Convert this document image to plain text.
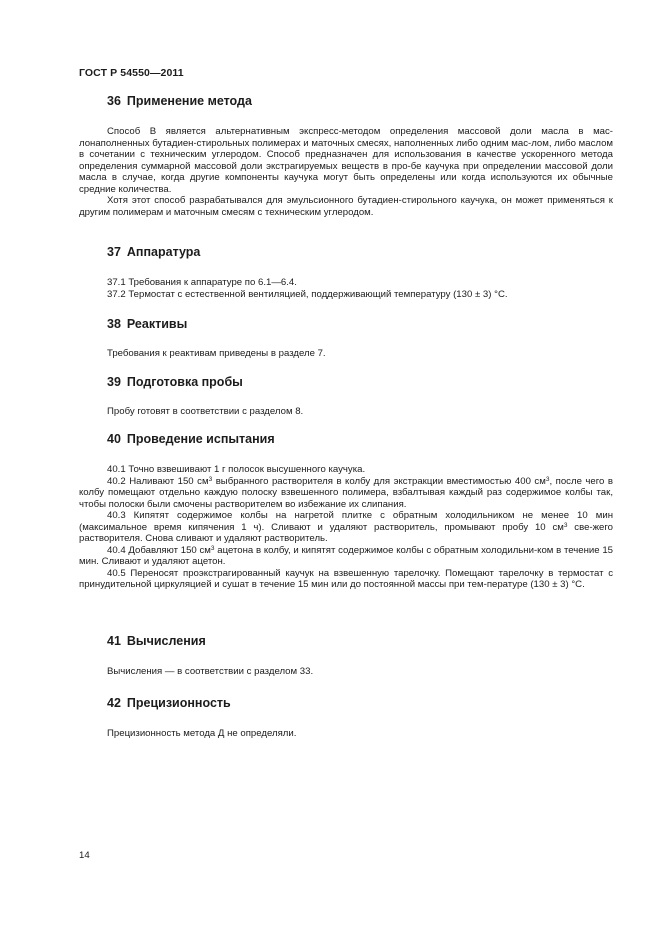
ГОСТ Р 54550—2011
36 Применение метода

Способ B является альтернативным экспресс-методом определения массовой доли масла в мас-лонаполненных бутадиен-стирольных полимерах и маточных смесях, наполненных либо одним мас-лом, либо маслом в сочетании с техническим углеродом. Способ предназначен для использования в качестве ускоренного метода определения суммарной массовой доли экстрагируемых веществ в про-бе каучука при определении массовой доли масла в случае, когда другие компоненты каучука могут быть определены или когда используются их обычные средние количества.

Хотя этот способ разрабатывался для эмульсионного бутадиен-стирольного каучука, он может применяться к другим полимерам и маточным смесям с техническим углеродом.

37 Аппаратура

37.1 Требования к аппаратуре по 6.1—6.4.

37.2 Термостат с естественной вентиляцией, поддерживающий температуру (130 ± 3) °С.

38 Реактивы

Требования к реактивам приведены в разделе 7.

39 Подготовка пробы

Пробу готовят в соответствии с разделом 8.

40 Проведение испытания

40.1 Точно взвешивают 1 г полосок высушенного каучука.

40.2 Наливают 150 $см^3$ выбранного растворителя в колбу для экстракции вместимостью 400 $см^3$, после чего в колбу помещают отдельно каждую полоску взвешенного полимера, взбалтывая каждый раз содержимое колбы так, чтобы полоски были смочены растворителем во избежание их слипания.

40.3 Кипятят содержимое колбы на нагретой плитке с обратным холодильником не менее 10 мин (максимальное время кипячения 1 ч). Сливают и удаляют растворитель, промывают пробу 10 $см^3$ све-жего растворителя. Снова сливают и удаляют растворитель.

40.4 Добавляют 150 $см^3$ ацетона в колбу, и кипятят содержимое колбы с обратным холодильни-ком в течение 15 мин. Сливают и удаляют ацетон.

40.5 Переносят проэкстрагированный каучук на взвешенную тарелочку. Помещают тарелочку в термостат с принудительной циркуляцией и сушат в течение 15 мин или до постоянной массы при тем-пературе (130 ± 3) °С.

41 Вычисления

Вычисления — в соответствии с разделом 33.

42 Прецизионность

Прецизионность метода Д не определяли.

14
